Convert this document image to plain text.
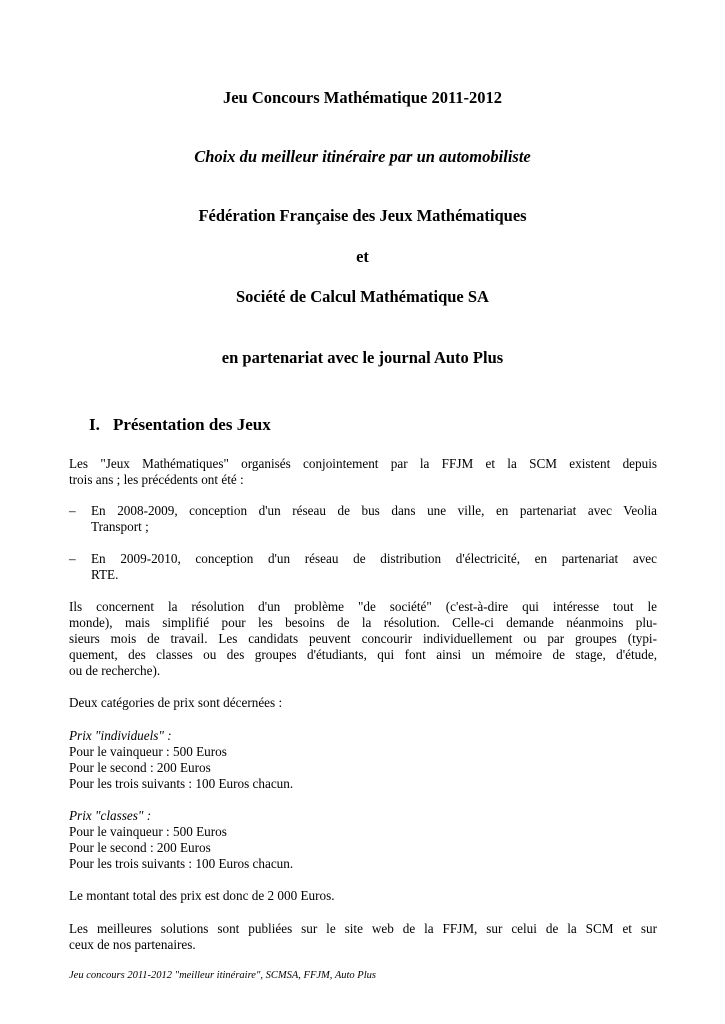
Jeu Concours Mathématique 2011-2012
Choix du meilleur itinéraire par un automobiliste
Fédération Française des Jeux Mathématiques
et
Société de Calcul Mathématique SA
en partenariat avec le journal Auto Plus
I. Présentation des Jeux
Les "Jeux Mathématiques" organisés conjointement par la FFJM et la SCM existent depuis
trois ans ; les précédents ont été :
– En 2008-2009, conception d'un réseau de bus dans une ville, en partenariat avec Veolia
Transport ;
– En 2009-2010, conception d'un réseau de distribution d'électricité, en partenariat avec
RTE.
Ils concernent la résolution d'un problème "de société" (c'est-à-dire qui intéresse tout le
monde), mais simplifié pour les besoins de la résolution. Celle-ci demande néanmoins plu-
sieurs mois de travail. Les candidats peuvent concourir individuellement ou par groupes (typi-
quement, des classes ou des groupes d'étudiants, qui font ainsi un mémoire de stage, d'étude,
ou de recherche).
Deux catégories de prix sont décernées :
Prix "individuels" :
Pour le vainqueur : 500 Euros
Pour le second : 200 Euros
Pour les trois suivants : 100 Euros chacun.
Prix "classes" :
Pour le vainqueur : 500 Euros
Pour le second : 200 Euros
Pour les trois suivants : 100 Euros chacun.
Le montant total des prix est donc de 2 000 Euros.
Les meilleures solutions sont publiées sur le site web de la FFJM, sur celui de la SCM et sur
ceux de nos partenaires.
Jeu concours 2011-2012 "meilleur itinéraire", SCMSA, FFJM, Auto Plus
